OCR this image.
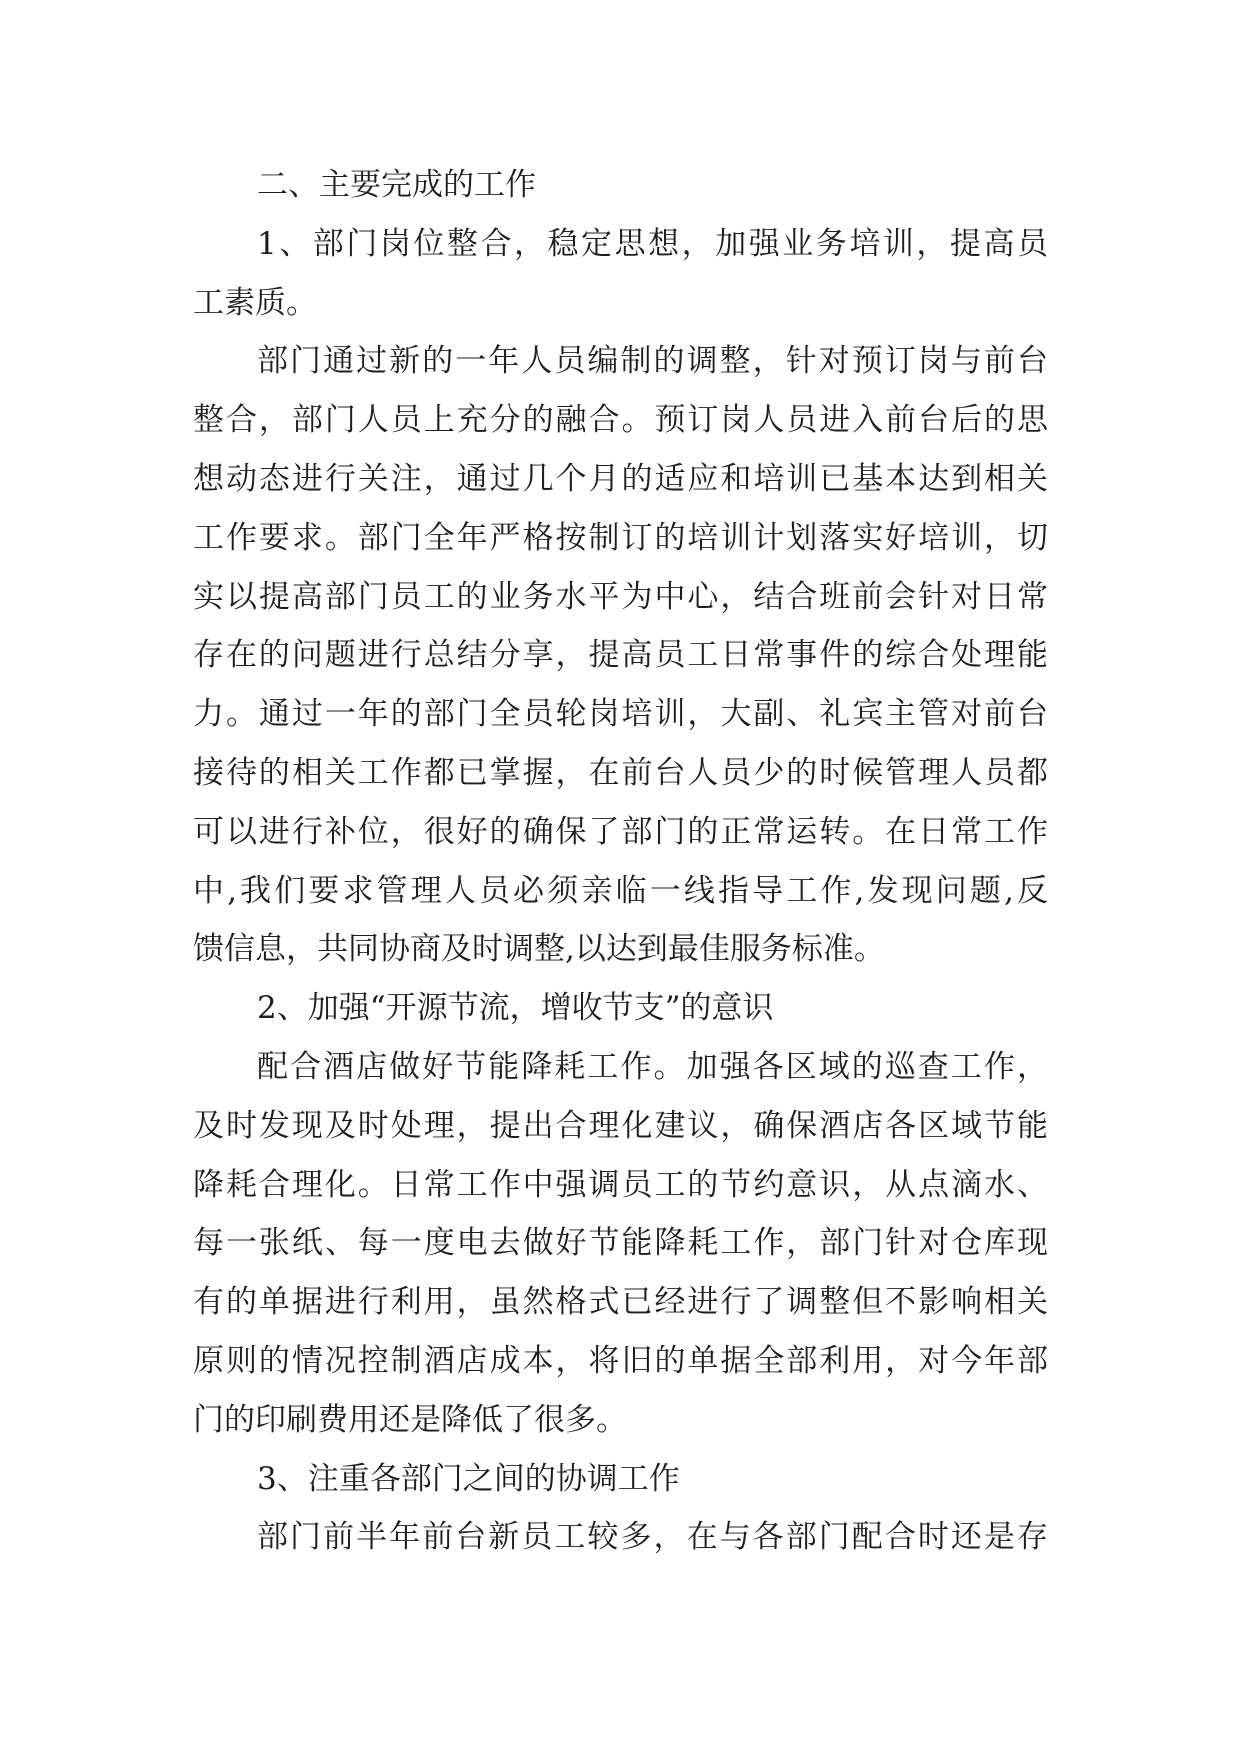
二、主要完成的工作
1、部门岗位整合，稳定思想，加强业务培训，提高员
工素质。
部门通过新的一年人员编制的调整，针对预订岗与前台
整合，部门人员上充分的融合。预订岗人员进入前台后的思
想动态进行关注，通过几个月的适应和培训已基本达到相关
工作要求。部门全年严格按制订的培训计划落实好培训，切
实以提高部门员工的业务水平为中心，结合班前会针对日常
存在的问题进行总结分享，提高员工日常事件的综合处理能
力。通过一年的部门全员轮岗培训，大副、礼宾主管对前台
接待的相关工作都已掌握，在前台人员少的时候管理人员都
可以进行补位，很好的确保了部门的正常运转。在日常工作
中,我们要求管理人员必须亲临一线指导工作,发现问题,反
馈信息，共同协商及时调整,以达到最佳服务标准。
2、加强“开源节流，增收节支”的意识
配合酒店做好节能降耗工作。加强各区域的巡查工作，
及时发现及时处理，提出合理化建议，确保酒店各区域节能
降耗合理化。日常工作中强调员工的节约意识，从点滴水、
每一张纸、每一度电去做好节能降耗工作，部门针对仓库现
有的单据进行利用，虽然格式已经进行了调整但不影响相关
原则的情况控制酒店成本，将旧的单据全部利用，对今年部
门的印刷费用还是降低了很多。
3、注重各部门之间的协调工作
部门前半年前台新员工较多，在与各部门配合时还是存
